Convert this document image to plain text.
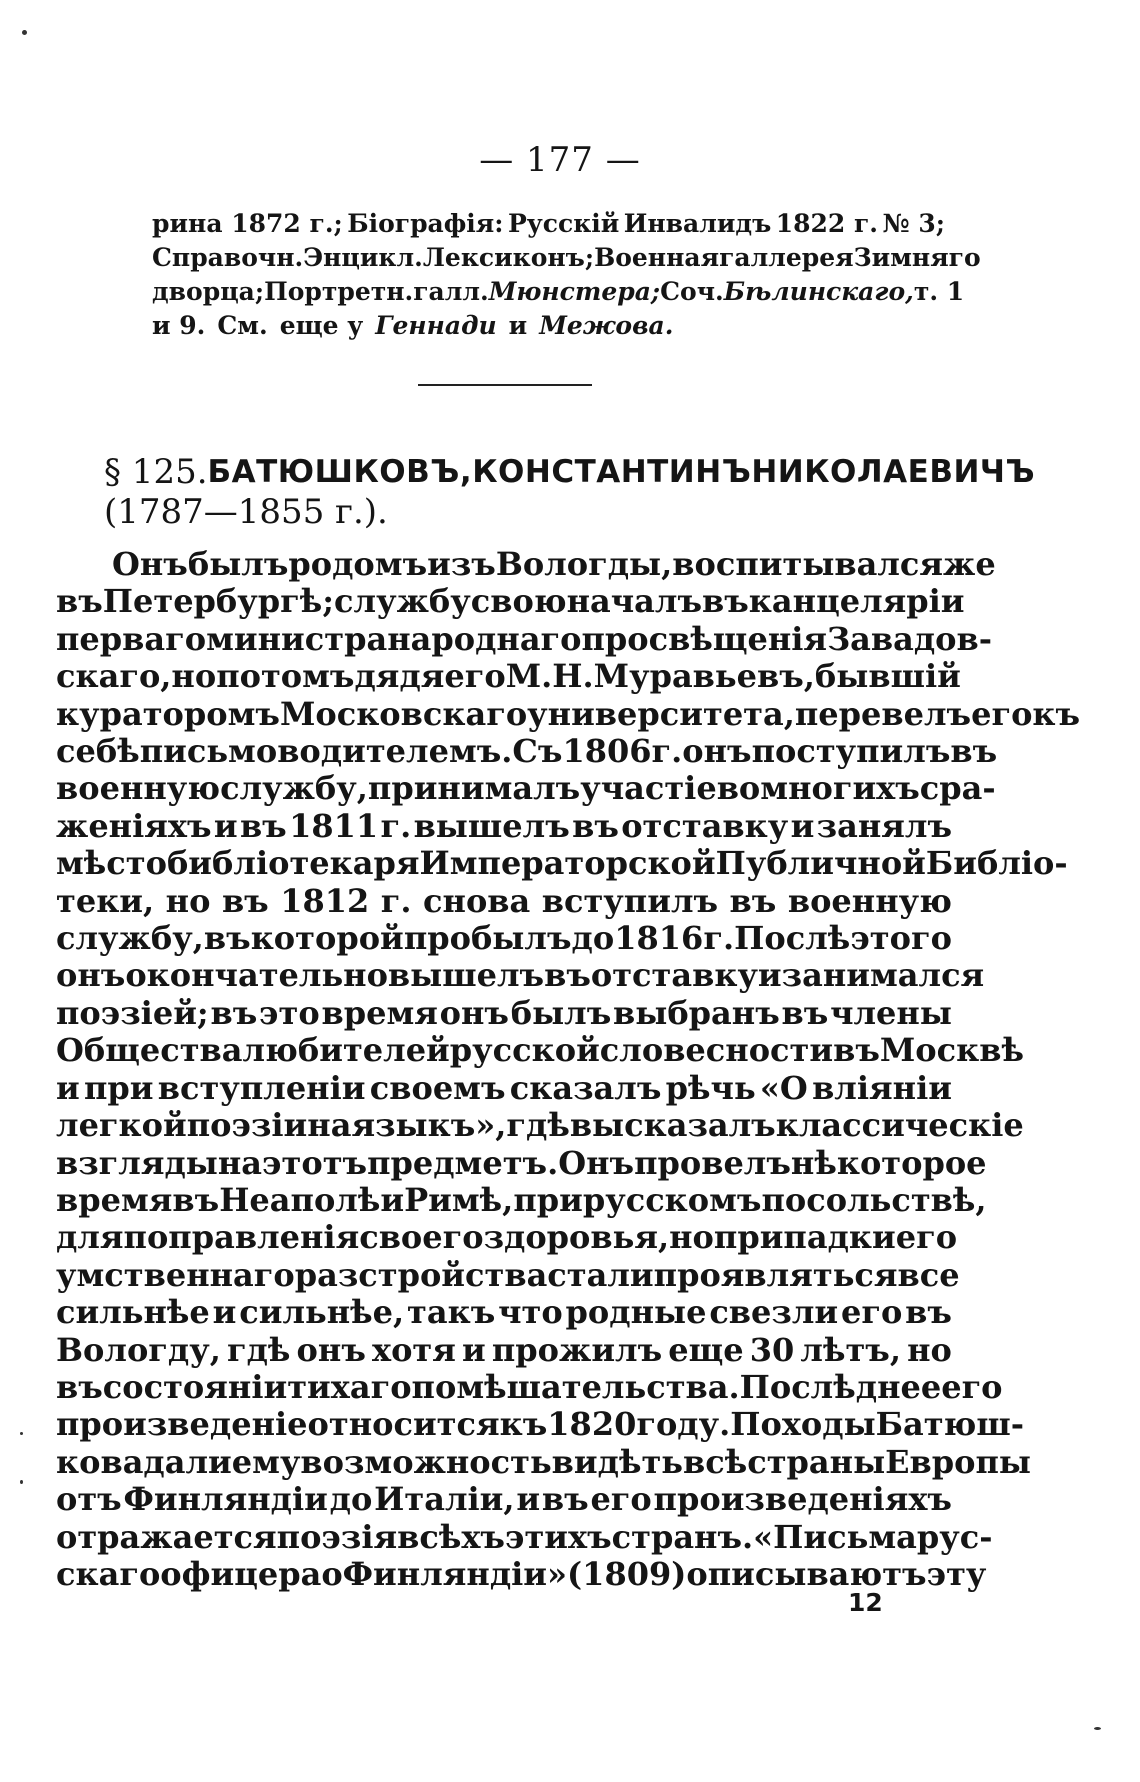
— 177 —
рина 1872 г.; Біографія: Русскій Инвалидъ 1822 г. № 3;
Справочн. Энцикл. Лексиконъ; Военная галлерея Зимняго
дворца; Портретн. галл. Мюнстера; Соч. Бѣлинскаго, т. 1
и 9. См. еще у Геннади и Межова.
§ 125. БАТЮШКОВЪ, КОНСТАНТИНЪ НИКОЛАЕВИЧЪ
(1787—1855 г.).
Онъ былъ родомъ изъ Вологды, воспитывался же
въ Петербургѣ; службу свою началъ въ канцеляріи
перваго министра народнаго просвѣщенія Завадов-
скаго, но потомъ дядя его М. Н. Муравьевъ, бывшій
кураторомъ Московскаго университета, перевелъ его къ
себѣ письмоводителемъ. Съ 1806 г. онъ поступилъ въ
военную службу, принималъ участіе во многихъ сра-
женіяхъ и въ 1811 г. вышелъ въ отставку и занялъ
мѣсто библіотекаря Императорской Публичной Библіо-
теки, но въ 1812 г. снова вступилъ въ военную
службу, въ которой пробылъ до 1816 г. Послѣ этого
онъ окончательно вышелъ въ отставку и занимался
поэзіей; въ это время онъ былъ выбранъ въ члены
Общества любителей русской словесности въ Москвѣ
и при вступленіи своемъ сказалъ рѣчь «О вліяніи
легкой поэзіи на языкъ», гдѣ высказалъ классическіе
взгляды на этотъ предметъ. Онъ провелъ нѣкоторое
время въ Неаполѣ и Римѣ, при русскомъ посольствѣ,
для поправленія своего здоровья, но припадки его
умственнаго разстройства стали проявляться все
сильнѣе и сильнѣе, такъ что родные свезли его въ
Вологду, гдѣ онъ хотя и прожилъ еще 30 лѣтъ, но
въ состояніи тихаго помѣшательства. Послѣднее его
произведеніе относится къ 1820 году. Походы Батюш-
кова дали ему возможность видѣть всѣ страны Европы
отъ Финляндіи до Италіи, и въ его произведеніяхъ
отражается поэзія всѣхъ этихъ странъ. «Письма рус-
скаго офицера о Финляндіи» (1809) описываютъ эту
12
